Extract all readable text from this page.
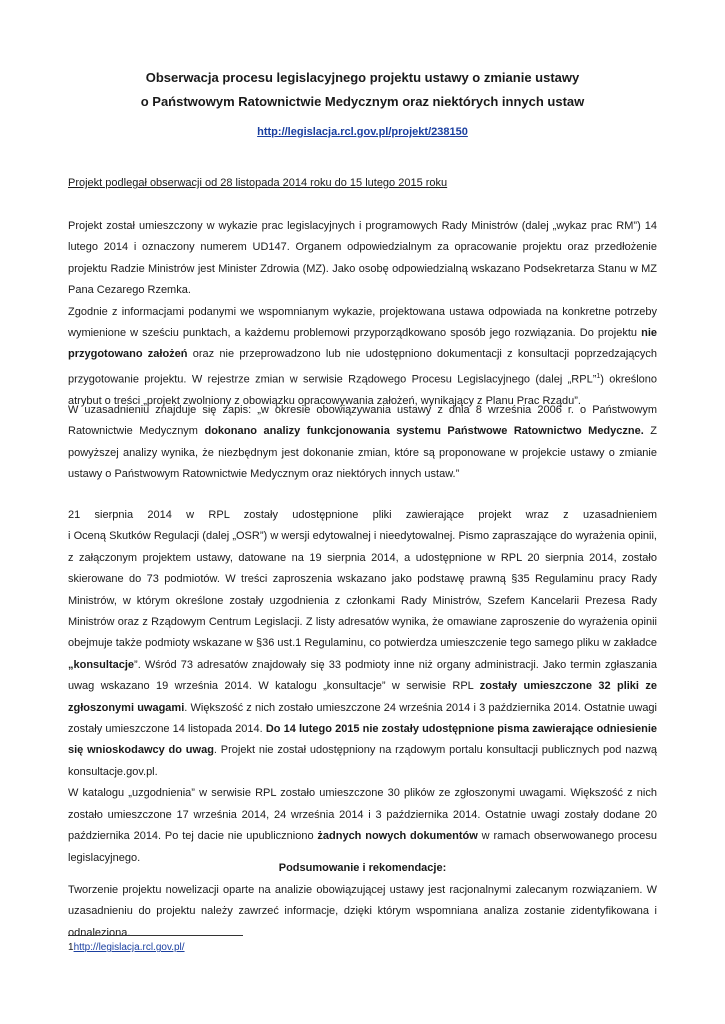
Obserwacja procesu legislacyjnego projektu ustawy o zmianie ustawy

o Państwowym Ratownictwie Medycznym oraz niektórych innych ustaw

http://legislacja.rcl.gov.pl/projekt/238150
Projekt podlegał obserwacji od 28 listopada 2014 roku do 15 lutego 2015 roku

Projekt został umieszczony w wykazie prac legislacyjnych i programowych Rady Ministrów (dalej „wykaz prac RM”) 14 lutego 2014 i oznaczony numerem UD147. Organem odpowiedzialnym za opracowanie projektu oraz przedłożenie projektu Radzie Ministrów jest Minister Zdrowia (MZ). Jako osobę odpowiedzialną wskazano Podsekretarza Stanu w MZ Pana Cezarego Rzemka.

Zgodnie z informacjami podanymi we wspomnianym wykazie, projektowana ustawa odpowiada na konkretne potrzeby wymienione w sześciu punktach, a każdemu problemowi przyporządkowano sposób jego rozwiązania. Do projektu nie przygotowano założeń oraz nie przeprowadzono lub nie udostępniono dokumentacji z konsultacji poprzedzających przygotowanie projektu. W rejestrze zmian w serwisie Rządowego Procesu Legislacyjnego (dalej „RPL”$^1$) określono atrybut o treści „projekt zwolniony z obowiązku opracowywania założeń, wynikający z Planu Prac Rządu”.

W uzasadnieniu znajduje się zapis: „w okresie obowiązywania ustawy z dnia 8 września 2006 r. o Państwowym Ratownictwie Medycznym dokonano analizy funkcjonowania systemu Państwowe Ratownictwo Medyczne. Z powyższej analizy wynika, że niezbędnym jest dokonanie zmian, które są proponowane w projekcie ustawy o zmianie ustawy o Państwowym Ratownictwie Medycznym oraz niektórych innych ustaw.”

21 sierpnia 2014 w RPL zostały udostępnione pliki zawierające projekt wraz z uzasadnieniem

i Oceną Skutków Regulacji (dalej „OSR”) w wersji edytowalnej i nieedytowalnej. Pismo zapraszające do wyrażenia opinii, z załączonym projektem ustawy, datowane na 19 sierpnia 2014, a udostępnione w RPL 20 sierpnia 2014, zostało skierowane do 73 podmiotów. W treści zaproszenia wskazano jako podstawę prawną §35 Regulaminu pracy Rady Ministrów, w którym określone zostały uzgodnienia z członkami Rady Ministrów, Szefem Kancelarii Prezesa Rady Ministrów oraz z Rządowym Centrum Legislacji. Z listy adresatów wynika, że omawiane zaproszenie do wyrażenia opinii obejmuje także podmioty wskazane w §36 ust.1 Regulaminu, co potwierdza umieszczenie tego samego pliku w zakładce „konsultacje”. Wśród 73 adresatów znajdowały się 33 podmioty inne niż organy administracji. Jako termin zgłaszania uwag wskazano 19 września 2014. W katalogu „konsultacje” w serwisie RPL zostały umieszczone 32 pliki ze zgłoszonymi uwagami. Większość z nich zostało umieszczone 24 września 2014 i 3 października 2014. Ostatnie uwagi zostały umieszczone 14 listopada 2014. Do 14 lutego 2015 nie zostały udostępnione pisma zawierające odniesienie się wnioskodawcy do uwag. Projekt nie został udostępniony na rządowym portalu konsultacji publicznych pod nazwą konsultacje.gov.pl.

W katalogu „uzgodnienia” w serwisie RPL zostało umieszczone 30 plików ze zgłoszonymi uwagami. Większość z nich zostało umieszczone 17 września 2014, 24 września 2014 i 3 października 2014. Ostatnie uwagi zostały dodane 20 października 2014. Po tej dacie nie upubliczniono żadnych nowych dokumentów w ramach obserwowanego procesu legislacyjnego.

Podsumowanie i rekomendacje:

Tworzenie projektu nowelizacji oparte na analizie obowiązującej ustawy jest racjonalnymi zalecanym rozwiązaniem. W uzasadnieniu do projektu należy zawrzeć informacje, dzięki którym wspomniana analiza zostanie zidentyfikowana i odnaleziona.

1http://legislacja.rcl.gov.pl/
